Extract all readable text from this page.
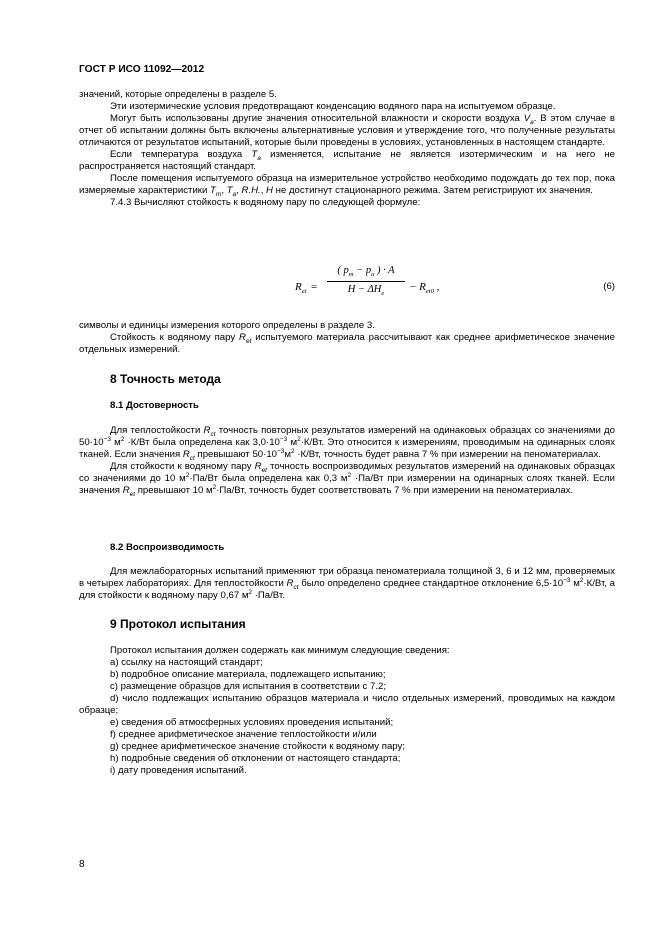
ГОСТ Р ИСО 11092—2012

значений, которые определены в разделе 5.

Эти изотермические условия предотвращают конденсацию водяного пара на испытуемом образце.

Могут быть использованы другие значения относительной влажности и скорости воздуха $V_a$. В этом случае в отчет об испытании должны быть включены альтернативные условия и утверждение того, что полученные результаты отличаются от результатов испытаний, которые были проведены в условиях, установленных в настоящем стандарте.

Если температура воздуха $T_a$ изменяется, испытание не является изотермическим и на него не распространяется настоящий стандарт.

После помещения испытуемого образца на измерительное устройство необходимо подождать до тех пор, пока измеряемые характеристики $T_m$, $T_a$, R.H., H не достигнут стационарного режима. Затем регистрируют их значения.

7.4.3 Вычисляют стойкость к водяному пару по следующей формуле:

$R_{et}$ =
( $p_m - p_a$ ) · A
$H - \Delta H_e$
− $R_{et0}$ ,	(6)

символы и единицы измерения которого определены в разделе 3.

Стойкость к водяному пару $R_{et}$ испытуемого материала рассчитывают как среднее арифметическое значение отдельных измерений.

8 Точность метода
8.1 Достоверность

Для теплостойкости $R_{ct}$ точность повторных результатов измерений на одинаковых образцах со значениями до $50\cdot 10^{-3}$ $м^2 \cdot К/Вт$ была определена как $3,0\cdot 10^{-3}$ $м^2\cdot К/Вт$. Это относится к измерениям, проводимым на одинарных слоях тканей. Если значения $R_{ct}$ превышают $50\cdot 10^{-3}м^2 \cdot К/Вт$, точность будет равна 7 % при измерении на пеноматериалах.

Для стойкости к водяному пару $R_{et}$ точность воспроизводимых результатов измерений на одинаковых образцах со значениями до 10 $м^2\cdot Па/Вт$ была определена как 0,3 $м^2 \cdot Па/Вт$ при измерении на одинарных слоях тканей. Если значения $R_{et}$ превышают 10 $м^2\cdot Па/Вт$, точность будет соответствовать 7 % при измерении на пеноматериалах.

8.2 Воспроизводимость

Для межлабораторных испытаний применяют три образца пеноматериала толщиной 3, 6 и 12 мм, проверяемых в четырех лабораториях. Для теплостойкости $R_{ct}$ было определено среднее стандартное отклонение $6,5\cdot 10^{-3}$ $м^2\cdot К/Вт$, а для стойкости к водяному пару 0,67 $м^2 \cdot Па/Вт$.

9 Протокол испытания

Протокол испытания должен содержать как минимум следующие сведения:

a) ссылку на настоящий стандарт;

b) подробное описание материала, подлежащего испытанию;

c) размещение образцов для испытания в соответствии с 7.2;

d) число подлежащих испытанию образцов материала и число отдельных измерений, проводимых на каждом образце;

e) сведения об атмосферных условиях проведения испытаний;

f) среднее арифметическое значение теплостойкости и/или

g) среднее арифметическое значение стойкости к водяному пару;

h) подробные сведения об отклонении от настоящего стандарта;

i) дату проведения испытаний.

8
